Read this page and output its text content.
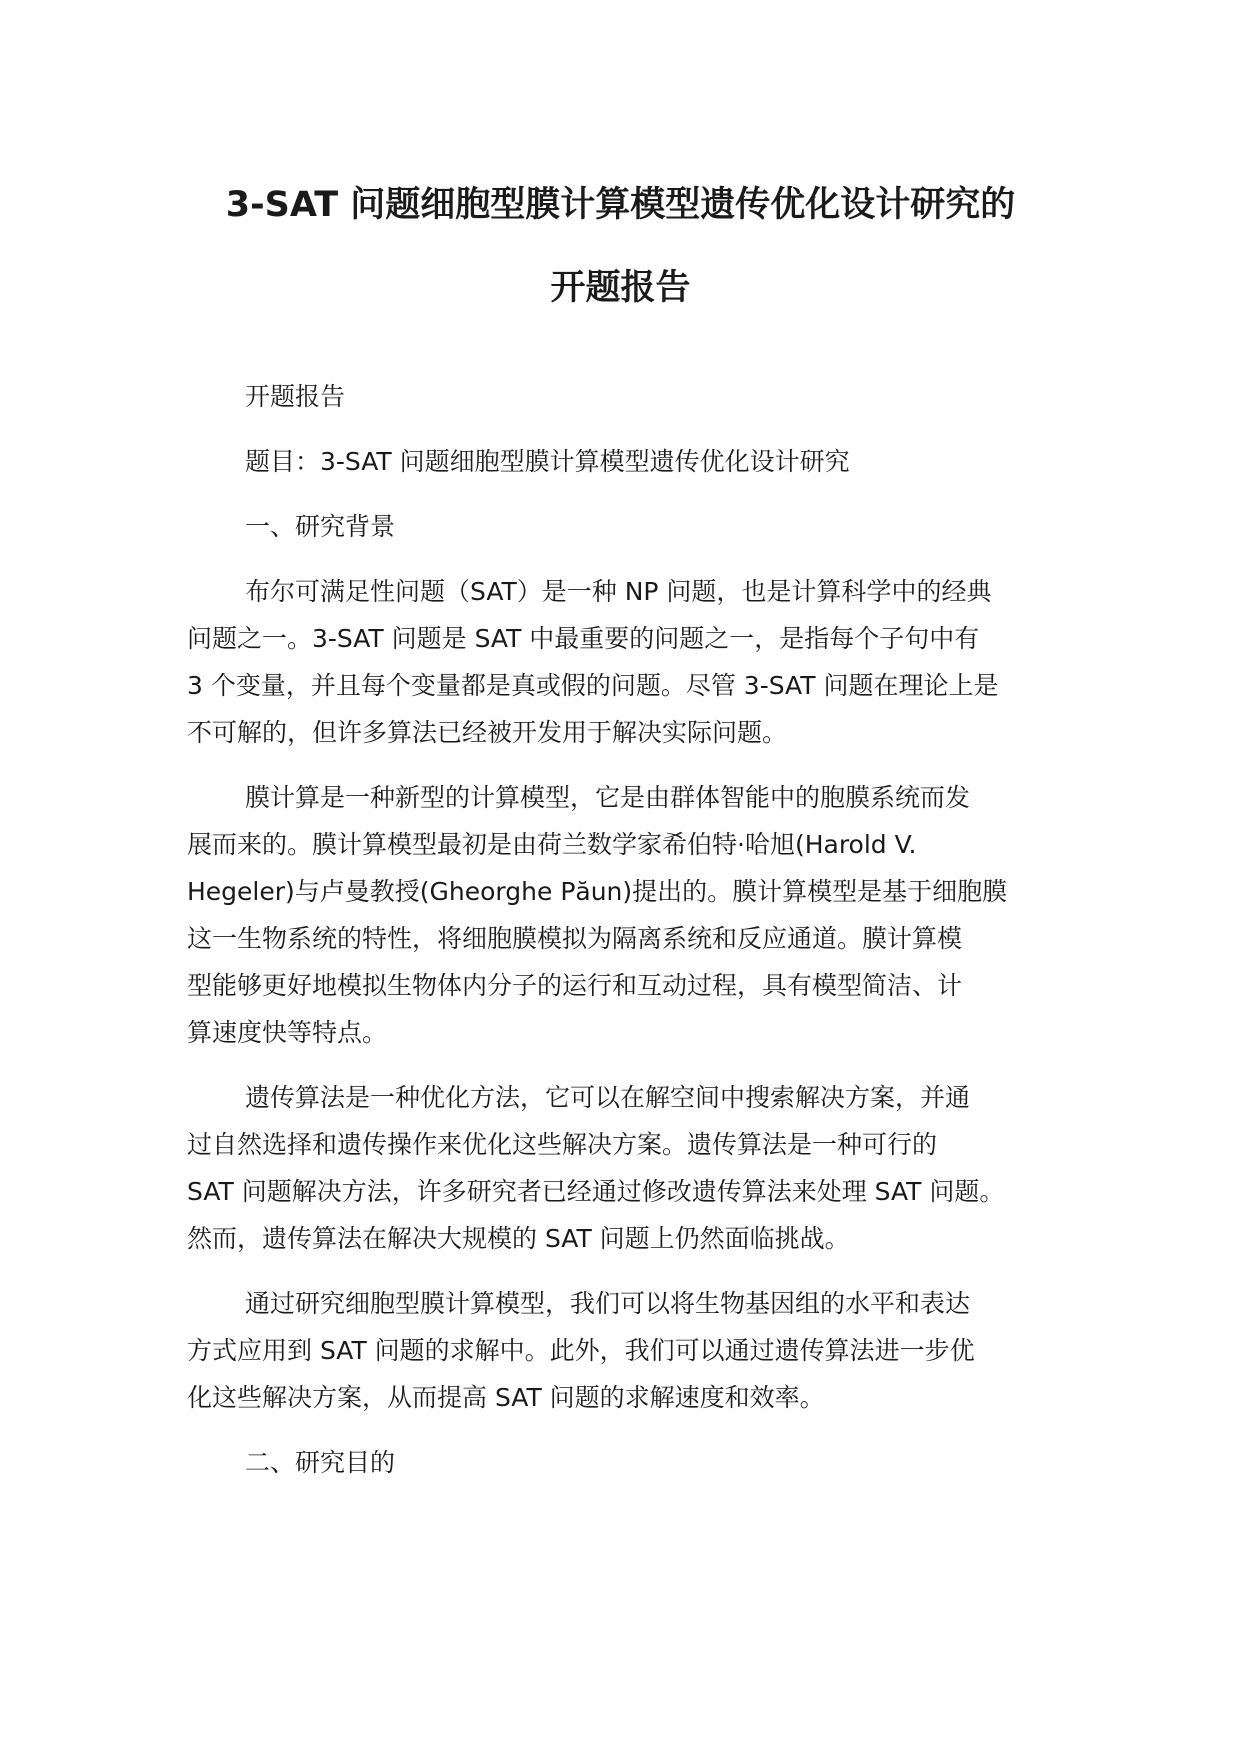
3-SAT 问题细胞型膜计算模型遗传优化设计研究的
开题报告

开题报告

题目：3-SAT 问题细胞型膜计算模型遗传优化设计研究

一、研究背景

布尔可满足性问题（SAT）是一种 NP 问题，也是计算科学中的经典

问题之一。3-SAT 问题是 SAT 中最重要的问题之一，是指每个子句中有

3 个变量，并且每个变量都是真或假的问题。尽管 3-SAT 问题在理论上是

不可解的，但许多算法已经被开发用于解决实际问题。

膜计算是一种新型的计算模型，它是由群体智能中的胞膜系统而发

展而来的。膜计算模型最初是由荷兰数学家希伯特·哈旭(Harold V.

Hegeler)与卢曼教授(Gheorghe Păun)提出的。膜计算模型是基于细胞膜

这一生物系统的特性，将细胞膜模拟为隔离系统和反应通道。膜计算模

型能够更好地模拟生物体内分子的运行和互动过程，具有模型简洁、计

算速度快等特点。

遗传算法是一种优化方法，它可以在解空间中搜索解决方案，并通

过自然选择和遗传操作来优化这些解决方案。遗传算法是一种可行的

SAT 问题解决方法，许多研究者已经通过修改遗传算法来处理 SAT 问题。

然而，遗传算法在解决大规模的 SAT 问题上仍然面临挑战。

通过研究细胞型膜计算模型，我们可以将生物基因组的水平和表达

方式应用到 SAT 问题的求解中。此外，我们可以通过遗传算法进一步优

化这些解决方案，从而提高 SAT 问题的求解速度和效率。

二、研究目的
